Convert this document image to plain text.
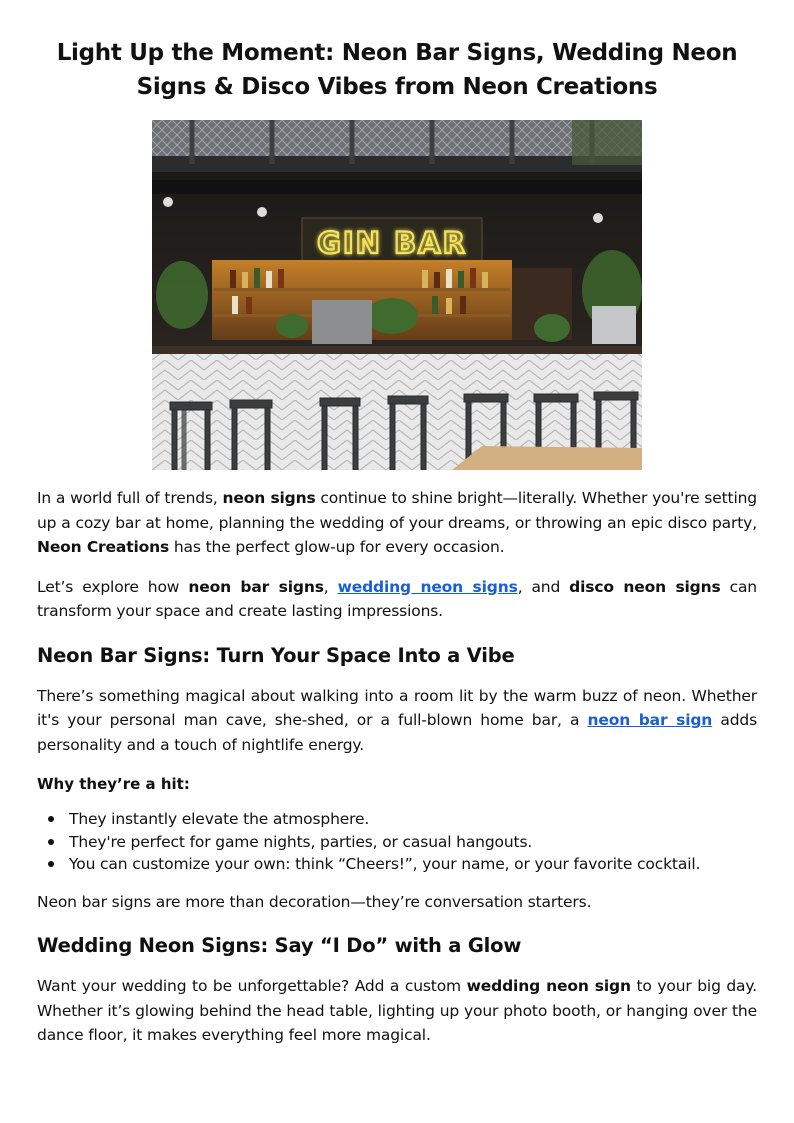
Light Up the Moment: Neon Bar Signs, Wedding Neon Signs & Disco Vibes from Neon Creations
GIN BAR

In a world full of trends, neon signs continue to shine bright—literally. Whether you're setting up a cozy bar at home, planning the wedding of your dreams, or throwing an epic disco party, Neon Creations has the perfect glow-up for every occasion.

Let’s explore how neon bar signs, wedding neon signs, and disco neon signs can transform your space and create lasting impressions.

Neon Bar Signs: Turn Your Space Into a Vibe

There’s something magical about walking into a room lit by the warm buzz of neon. Whether it's your personal man cave, she-shed, or a full-blown home bar, a neon bar sign adds personality and a touch of nightlife energy.

Why they’re a hit:

They instantly elevate the atmosphere.
They're perfect for game nights, parties, or casual hangouts.
You can customize your own: think “Cheers!”, your name, or your favorite cocktail.

Neon bar signs are more than decoration—they’re conversation starters.

Wedding Neon Signs: Say “I Do” with a Glow

Want your wedding to be unforgettable? Add a custom wedding neon sign to your big day. Whether it’s glowing behind the head table, lighting up your photo booth, or hanging over the dance floor, it makes everything feel more magical.
